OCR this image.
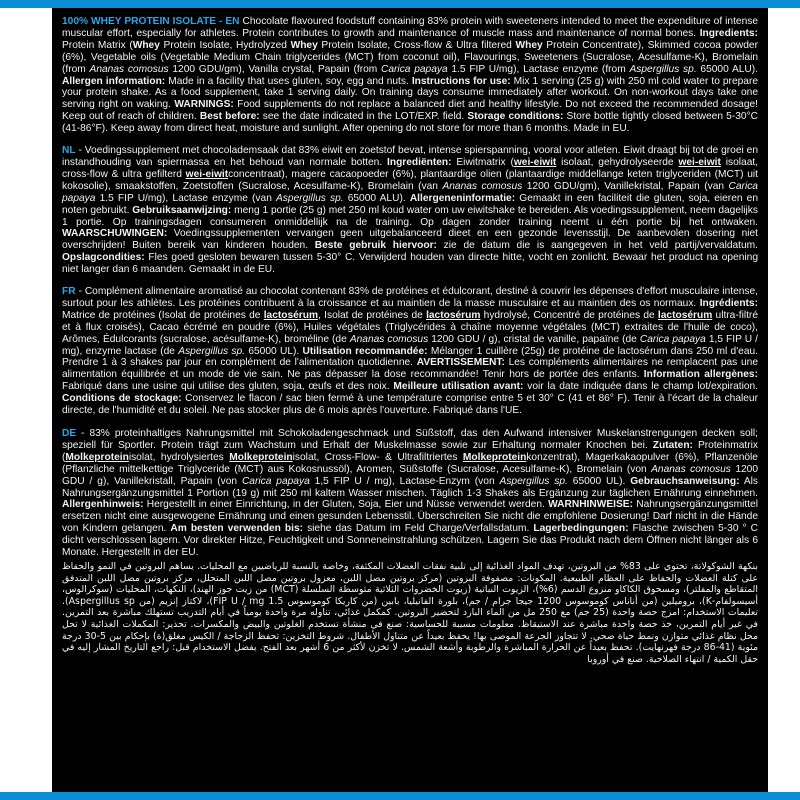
100% WHEY PROTEIN ISOLATE - EN Chocolate flavoured foodstuff containing 83% protein with sweeteners intended to meet the expenditure of intense muscular effort, especially for athletes. Protein contributes to growth and maintenance of muscle mass and maintenance of normal bones. Ingredients: Protein Matrix (Whey Protein Isolate, Hydrolyzed Whey Protein Isolate, Cross-flow & Ultra filtered Whey Protein Concentrate), Skimmed cocoa powder (6%), Vegetable oils (Vegetable Medium Chain triglycerides (MCT) from coconut oil), Flavourings, Sweeteners (Sucralose, Acesulfame-K), Bromelain (from Ananas comosus 1200 GDU/gm), Vanilla crystal, Papain (from Carica papaya 1.5 FIP U/mg), Lactase enzyme (from Aspergillus sp. 65000 ALU). Allergen information: Made in a facility that uses gluten, soy, egg and nuts. Instructions for use: Mix 1 serving (25 g) with 250 ml cold water to prepare your protein shake. As a food supplement, take 1 serving daily. On training days consume immediately after workout. On non-workout days take one serving right on waking. WARNINGS: Food supplements do not replace a balanced diet and healthy lifestyle. Do not exceed the recommended dosage! Keep out of reach of children. Best before: see the date indicated in the LOT/EXP. field. Storage conditions: Store bottle tightly closed between 5-30°C (41-86°F). Keep away from direct heat, moisture and sunlight. After opening do not store for more than 6 months. Made in EU.

NL - Voedingssupplement met chocolademsaak dat 83% eiwit en zoetstof bevat, intense spierspanning, vooral voor atleten. Eiwit draagt bij tot de groei en instandhouding van spiermassa en het behoud van normale botten. Ingrediënten: Eiwitmatrix (wei-eiwit isolaat, gehydrolyseerde wei-eiwit isolaat, cross-flow & ultra gefilterd wei-eiwitconcentraat), magere cacaopoeder (6%), plantaardige olien (plantaardige middellange keten triglyceriden (MCT) uit kokosolie), smaakstoffen, Zoetstoffen (Sucralose, Acesulfame-K), Bromelain (van Ananas comosus 1200 GDU/gm), Vanillekristal, Papain (van Carica papaya 1.5 FIP U/mg), Lactase enzyme (van Aspergillus sp. 65000 ALU). Allergeneninformatie: Gemaakt in een faciliteit die gluten, soja, eieren en noten gebruikt. Gebruiksaanwijzing: meng 1 portie (25 g) met 250 ml koud water om uw eiwitshake te bereiden. Als voedingssupplement, neem dagelijks 1 portie. Op trainingsdagen consumeren onmiddellijk na de training. Op dagen zonder training neemt u één portie bij het ontwaken. WAARSCHUWINGEN: Voedingssupplementen vervangen geen uitgebalanceerd dieet en een gezonde levensstijl. De aanbevolen dosering niet overschrijden! Buiten bereik van kinderen houden. Beste gebruik hiervoor: zie de datum die is aangegeven in het veld partij/vervaldatum. Opslagcondities: Fles goed gesloten bewaren tussen 5-30° C. Verwijderd houden van directe hitte, vocht en zonlicht. Bewaar het product na opening niet langer dan 6 maanden. Gemaakt in de EU.

FR - Complément alimentaire aromatisé au chocolat contenant 83% de protéines et édulcorant, destiné à couvrir les dépenses d'effort musculaire intense, surtout pour les athlètes. Les protéines contribuent à la croissance et au maintien de la masse musculaire et au maintien des os normaux. Ingrédients: Matrice de protéines (Isolat de protéines de lactosérum, Isolat de protéines de lactosérum hydrolysé, Concentré de protéines de lactosérum ultra-filtré et à flux croisés), Cacao écrémé en poudre (6%), Huiles végétales (Triglycérides à chaîne moyenne végétales (MCT) extraites de l'huile de coco), Arômes, Édulcorants (sucralose, acésulfame-K), broméline (de Ananas comosus 1200 GDU / g), cristal de vanille, papaïne (de Carica papaya 1,5 FIP U / mg), enzyme lactase (de Aspergillus sp. 65000 UL). Utilisation recommandée: Mélanger 1 cuillère (25g) de protéine de lactosérum dans 250 ml d'eau. Prendre 1 à 3 shakes par jour en complément de l'alimentation quotidienne. AVERTISSEMENT: Les compléments alimentaires ne remplacent pas une alimentation équilibrée et un mode de vie sain. Ne pas dépasser la dose recommandée! Tenir hors de portée des enfants. Information allergènes: Fabriqué dans une usine qui utilise des gluten, soja, œufs et des noix. Meilleure utilisation avant: voir la date indiquée dans le champ lot/expiration. Conditions de stockage: Conservez le flacon / sac bien fermé à une température comprise entre 5 et 30° C (41 et 86° F). Tenir à l'écart de la chaleur directe, de l'humidité et du soleil. Ne pas stocker plus de 6 mois après l'ouverture. Fabriqué dans l'UE.

DE - 83% proteinhaltiges Nahrungsmittel mit Schokoladengeschmack und Süßstoff, das den Aufwand intensiver Muskelanstrengungen decken soll; speziell für Sportler. Protein trägt zum Wachstum und Erhalt der Muskelmasse sowie zur Erhaltung normaler Knochen bei. Zutaten: Proteinmatrix (Molkeproteinisolat, hydrolysiertes Molkeproteinisolat, Cross-Flow- & Ultrafiltriertes Molkeproteinkonzentrat), Magerkakaopulver (6%), Pflanzenöle (Pflanzliche mittelkettige Triglyceride (MCT) aus Kokosnussöl), Aromen, Süßstoffe (Sucralose, Acesulfame-K), Bromelain (von Ananas comosus 1200 GDU / g), Vanillekristall, Papain (von Carica papaya 1,5 FIP U / mg), Lactase-Enzym (von Aspergillus sp. 65000 UL). Gebrauchsanweisung: Als Nahrungsergänzungsmittel 1 Portion (19 g) mit 250 ml kaltem Wasser mischen. Täglich 1-3 Shakes als Ergänzung zur täglichen Ernährung einnehmen. Allergenhinweis: Hergestellt in einer Einrichtung, in der Gluten, Soja, Eier und Nüsse verwendet werden. WARNHINWEISE: Nahrungsergänzungsmittel ersetzen nicht eine ausgewogene Ernährung und einen gesunden Lebensstil. Überschreiten Sie nicht die empfohlene Dosierung! Darf nicht in die Hände von Kindern gelangen. Am besten verwenden bis: siehe das Datum im Feld Charge/Verfallsdatum. Lagerbedingungen: Flasche zwischen 5-30 ° C dicht verschlossen lagern. Vor direkter Hitze, Feuchtigkeit und Sonneneinstrahlung schützen. Lagern Sie das Produkt nach dem Öffnen nicht länger als 6 Monate. Hergestellt in der EU.

بنكهة الشوكولاتة، تحتوي على 83% من البروتين، تهدف المواد الغذائية إلى تلبية نفقات العضلات المكثفة، وخاصة بالنسبة للرياضيين مع المحليات. يساهم البروتين في النمو والحفاظ على كتلة العضلات والحفاظ على العظام الطبيعية. المكونات: مصفوفة البروتين (مركز بروتين مصل اللبن، معزول بروتين مصل اللبن المتحلل، مركز بروتين مصل اللبن المتدفق المتقاطع والمفلتر)، ومسحوق الكاكاو منزوع الدسم (6%)، الزيوت النباتية (زيوت الخضروات الثلاثية متوسطة السلسلة (MCT) من زيت جوز الهند)، النكهات، المحليات (سوكرالوس، أسيسولفام-K)، بروميلين (من أناناس كوموسوس 1200 جيجا جرام / جم)، بلورة الفانيليا، بابين (من كاريكا كوموسوس 1.5 FIP U / mg)، لاكتاز إنزيم (من Aspergillus sp). تعليمات الاستخدام: امزج حصة واحدة (25 جم) مع 250 مل من الماء البارد لتحضير البروتين. كمكمل غذائي، تناوله مرة واحدة يومياً في أيام التدريب تستهلك مباشرة بعد التمرين. في غير أيام التمرين، خذ حصة واحدة مباشرة عند الاستيقاظ. معلومات مسببة للحساسية: صنع في منشأة تستخدم الغلوتين والبيض والمكسرات. تحذير: المكملات الغذائية لا تحل محل نظام غذائي متوازن ونمط حياة صحي. لا تتجاوز الجرعة الموصى بها! يحفظ بعيداً عن متناول الأطفال. شروط التخزين: تحفظ الزجاجة / الكيس مغلق(ة) بإحكام بين 5-30 درجة مئوية (41-86 درجة فهرنهايت). تحفظ بعيداً عن الحرارة المباشرة والرطوبة وأشعة الشمس. لا تخزن لأكثر من 6 أشهر بعد الفتح. يفضل الاستخدام قبل: راجع التاريخ المشار إليه في حقل الكمية / انتهاء الصلاحية. صنع في أوروبا
